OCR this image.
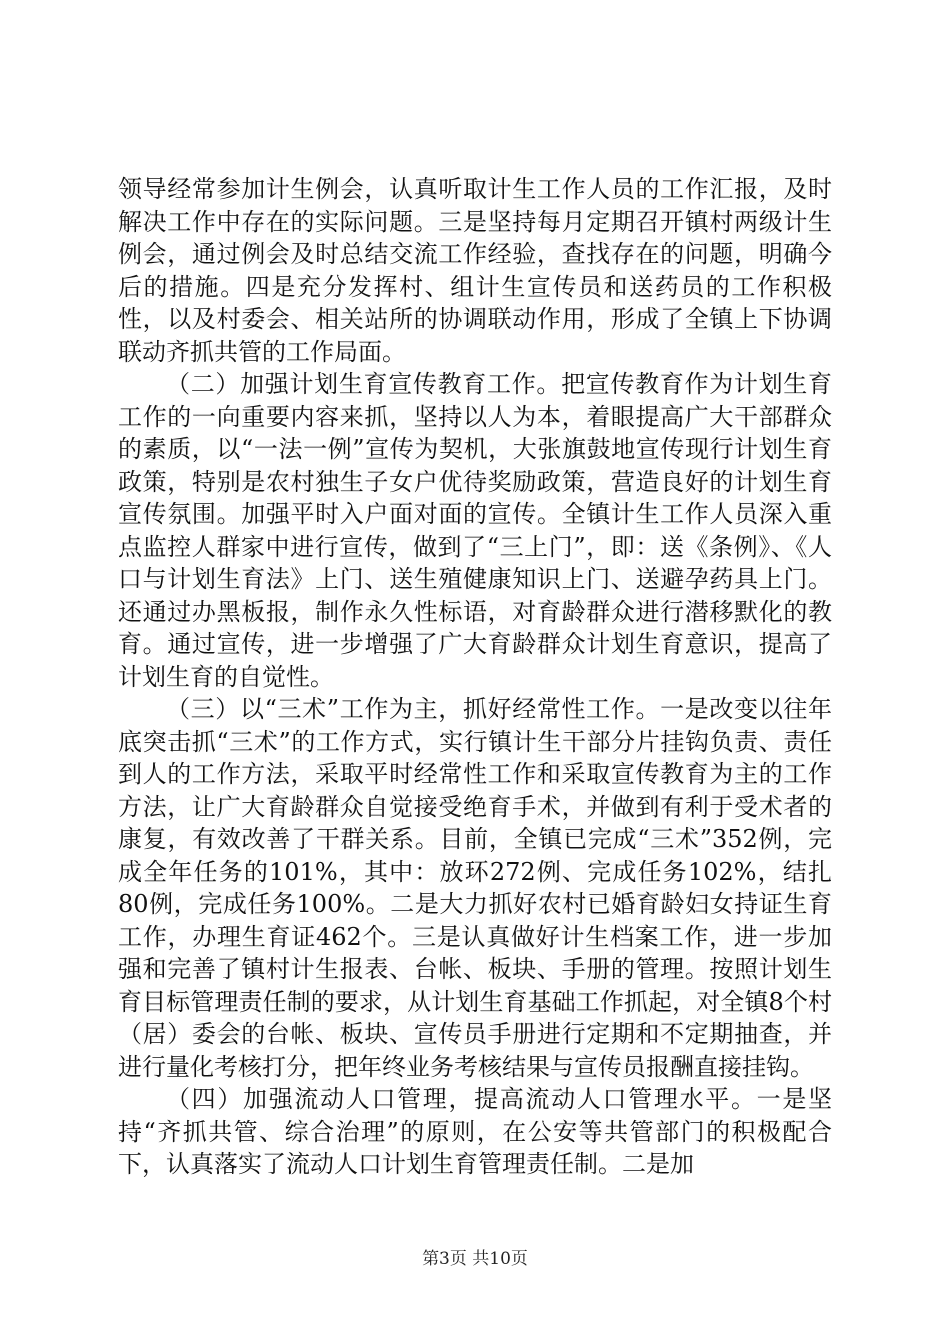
领导经常参加计生例会，认真听取计生工作人员的工作汇报，及时解决工作中存在的实际问题。三是坚持每月定期召开镇村两级计生例会，通过例会及时总结交流工作经验，查找存在的问题，明确今后的措施。四是充分发挥村、组计生宣传员和送药员的工作积极性，以及村委会、相关站所的协调联动作用，形成了全镇上下协调联动齐抓共管的工作局面。

（二）加强计划生育宣传教育工作。把宣传教育作为计划生育工作的一向重要内容来抓，坚持以人为本，着眼提高广大干部群众的素质，以“一法一例”宣传为契机，大张旗鼓地宣传现行计划生育政策，特别是农村独生子女户优待奖励政策，营造良好的计划生育宣传氛围。加强平时入户面对面的宣传。全镇计生工作人员深入重点监控人群家中进行宣传，做到了“三上门”，即：送《条例》、《人口与计划生育法》上门、送生殖健康知识上门、送避孕药具上门。还通过办黑板报，制作永久性标语，对育龄群众进行潜移默化的教育。通过宣传，进一步增强了广大育龄群众计划生育意识，提高了计划生育的自觉性。

（三）以“三术”工作为主，抓好经常性工作。一是改变以往年底突击抓“三术”的工作方式，实行镇计生干部分片挂钩负责、责任到人的工作方法，采取平时经常性工作和采取宣传教育为主的工作方法，让广大育龄群众自觉接受绝育手术，并做到有利于受术者的康复，有效改善了干群关系。目前，全镇已完成“三术”352例，完成全年任务的101%，其中：放环272例、完成任务102%，结扎80例，完成任务100%。二是大力抓好农村已婚育龄妇女持证生育工作，办理生育证462个。三是认真做好计生档案工作，进一步加强和完善了镇村计生报表、台帐、板块、手册的管理。按照计划生育目标管理责任制的要求，从计划生育基础工作抓起，对全镇8个村（居）委会的台帐、板块、宣传员手册进行定期和不定期抽查，并进行量化考核打分，把年终业务考核结果与宣传员报酬直接挂钩。

（四）加强流动人口管理，提高流动人口管理水平。一是坚持“齐抓共管、综合治理”的原则，在公安等共管部门的积极配合下，认真落实了流动人口计划生育管理责任制。二是加

第3页 共10页
